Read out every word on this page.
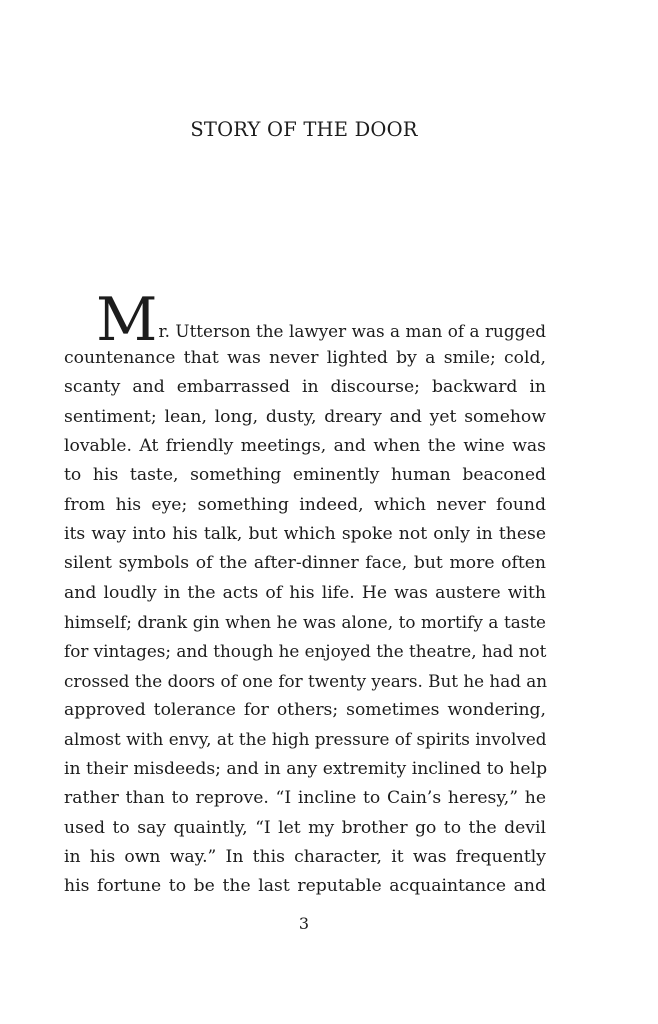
STORY OF THE DOOR
Mr. Utterson the lawyer was a man of a rugged
countenance that was never lighted by a smile; cold,
scanty and embarrassed in discourse; backward in
sentiment; lean, long, dusty, dreary and yet somehow
lovable. At friendly meetings, and when the wine was
to his taste, something eminently human beaconed
from his eye; something indeed, which never found
its way into his talk, but which spoke not only in these
silent symbols of the after-dinner face, but more often
and loudly in the acts of his life. He was austere with
himself; drank gin when he was alone, to mortify a taste
for vintages; and though he enjoyed the theatre, had not
crossed the doors of one for twenty years. But he had an
approved tolerance for others; sometimes wondering,
almost with envy, at the high pressure of spirits involved
in their misdeeds; and in any extremity inclined to help
rather than to reprove. “I incline to Cain’s heresy,” he
used to say quaintly, “I let my brother go to the devil
in his own way.” In this character, it was frequently
his fortune to be the last reputable acquaintance and
3
